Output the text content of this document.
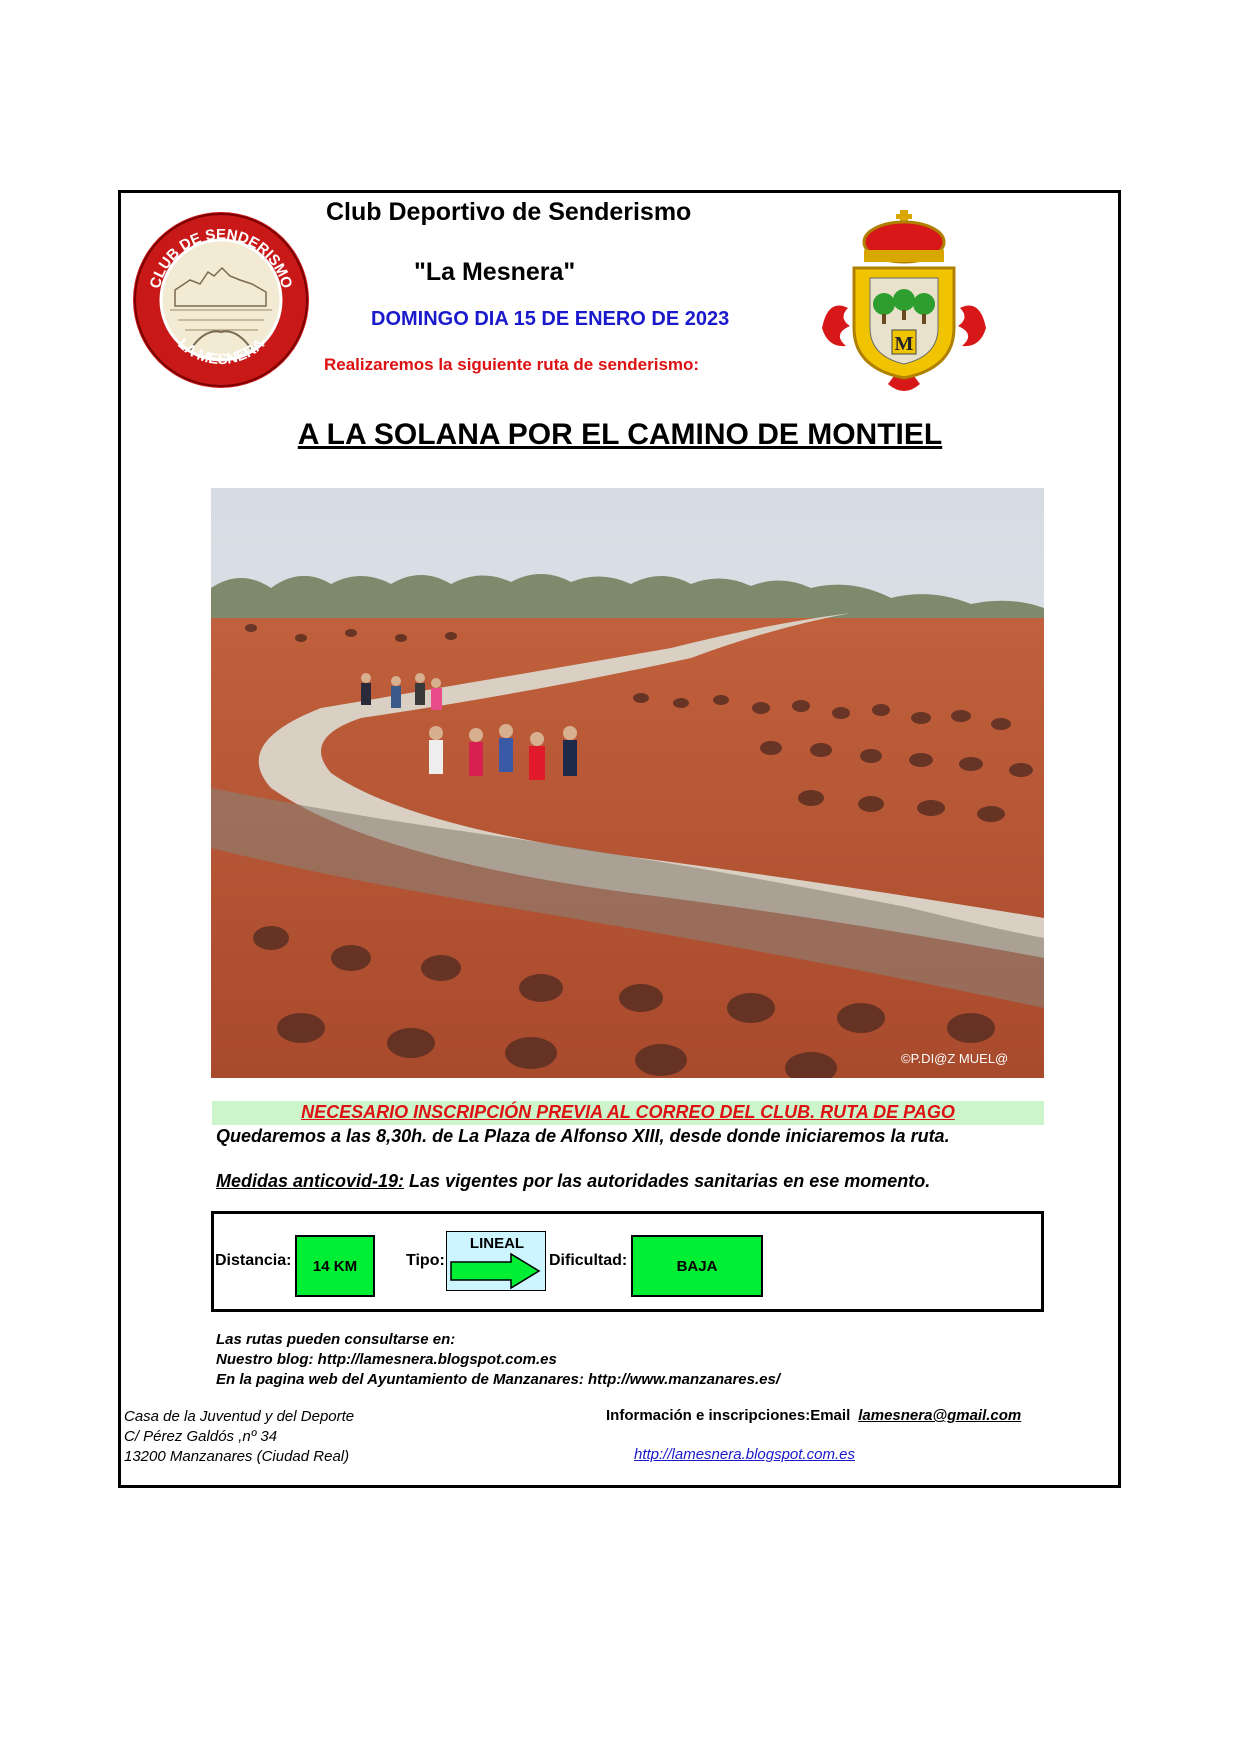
CLUB DE SENDERISMO
LA MESNERA
Club Deportivo de Senderismo
"La Mesnera"
DOMINGO DIA 15 DE ENERO DE 2023
Realizaremos la siguiente ruta de senderismo:
M
A LA SOLANA POR EL CAMINO DE MONTIEL
©P.DI@Z MUEL@
NECESARIO INSCRIPCIÓN PREVIA AL CORREO DEL CLUB. RUTA DE PAGO
Quedaremos a las 8,30h. de La Plaza de Alfonso XIII, desde donde iniciaremos la ruta.
Medidas anticovid-19: Las vigentes por las autoridades sanitarias en ese momento.
Distancia:	14 KM	Tipo:
LINEAL
Dificultad:	BAJA
Las rutas pueden consultarse en:
Nuestro blog: http://lamesnera.blogspot.com.es
En la pagina web del Ayuntamiento de Manzanares: http://www.manzanares.es/
Casa de la Juventud y del Deporte
C/ Pérez Galdós ,nº 34
13200 Manzanares (Ciudad Real)
Información e inscripciones:Email lamesnera@gmail.com
http://lamesnera.blogspot.com.es
